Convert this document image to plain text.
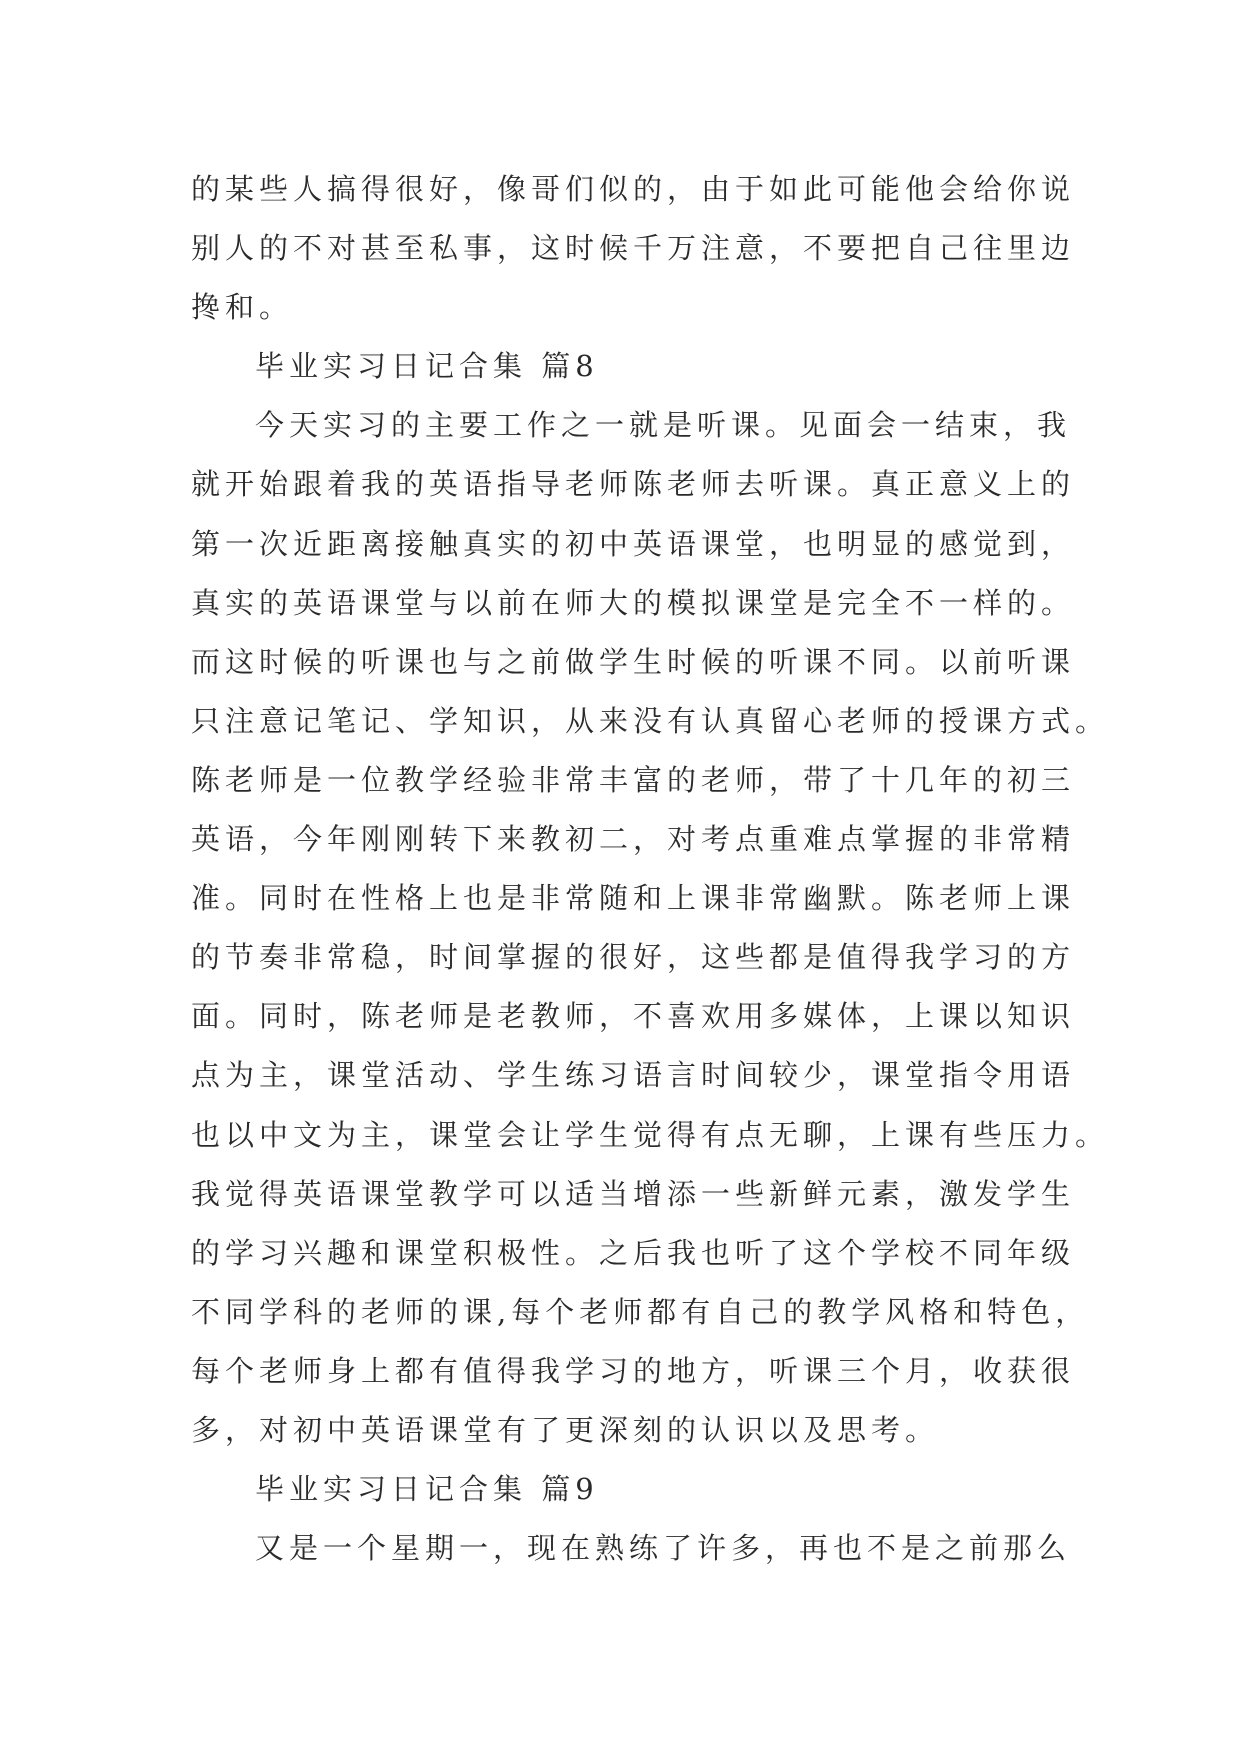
的某些人搞得很好，像哥们似的，由于如此可能他会给你说
别人的不对甚至私事，这时候千万注意，不要把自己往里边
搀和。
毕业实习日记合集 篇8
今天实习的主要工作之一就是听课。见面会一结束，我
就开始跟着我的英语指导老师陈老师去听课。真正意义上的
第一次近距离接触真实的初中英语课堂，也明显的感觉到，
真实的英语课堂与以前在师大的模拟课堂是完全不一样的。
而这时候的听课也与之前做学生时候的听课不同。以前听课
只注意记笔记、学知识，从来没有认真留心老师的授课方式。
陈老师是一位教学经验非常丰富的老师，带了十几年的初三
英语，今年刚刚转下来教初二，对考点重难点掌握的非常精
准。同时在性格上也是非常随和上课非常幽默。陈老师上课
的节奏非常稳，时间掌握的很好，这些都是值得我学习的方
面。同时，陈老师是老教师，不喜欢用多媒体，上课以知识
点为主，课堂活动、学生练习语言时间较少，课堂指令用语
也以中文为主，课堂会让学生觉得有点无聊，上课有些压力。
我觉得英语课堂教学可以适当增添一些新鲜元素，激发学生
的学习兴趣和课堂积极性。之后我也听了这个学校不同年级
不同学科的老师的课,每个老师都有自己的教学风格和特色，
每个老师身上都有值得我学习的地方，听课三个月，收获很
多，对初中英语课堂有了更深刻的认识以及思考。
毕业实习日记合集 篇9
又是一个星期一，现在熟练了许多，再也不是之前那么
